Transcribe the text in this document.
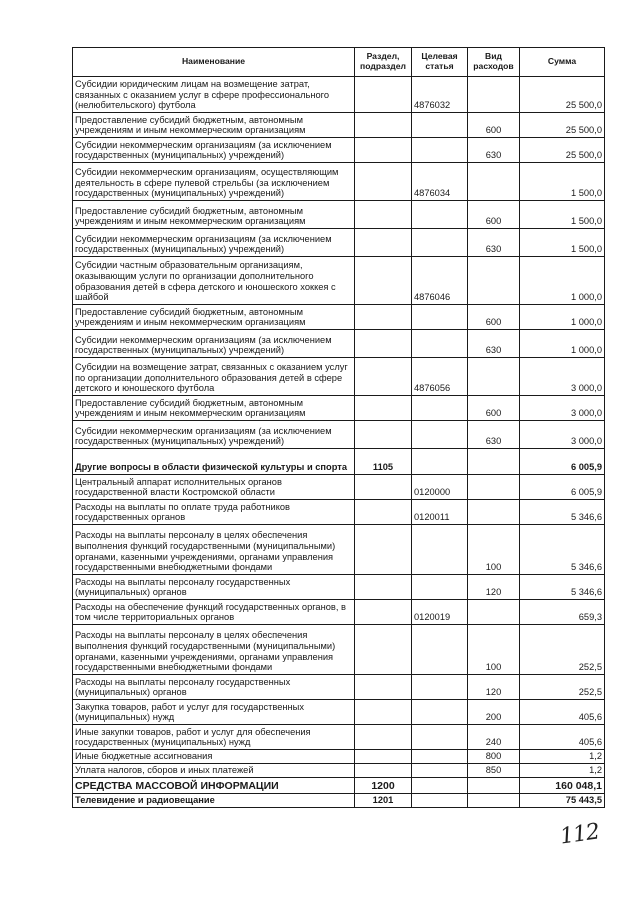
Наименование	Раздел, подраздел	Целевая статья	Вид расходов	Сумма
Субсидии юридическим лицам на возмещение затрат, связанных с оказанием услуг в сфере профессионального (нелюбительского) футбола		4876032		25 500,0
Предоставление субсидий бюджетным, автономным учреждениям и иным некоммерческим организациям			600	25 500,0
Субсидии некоммерческим организациям (за исключением государственных (муниципальных) учреждений)			630	25 500,0
Субсидии некоммерческим организациям, осуществляющим деятельность в сфере пулевой стрельбы (за исключением государственных (муниципальных) учреждений)		4876034		1 500,0
Предоставление субсидий бюджетным, автономным учреждениям и иным некоммерческим организациям			600	1 500,0
Субсидии некоммерческим организациям (за исключением государственных (муниципальных) учреждений)			630	1 500,0
Субсидии частным образовательным организациям, оказывающим услуги по организации дополнительного образования детей в сфера детского и юношеского хоккея с шайбой		4876046		1 000,0
Предоставление субсидий бюджетным, автономным учреждениям и иным некоммерческим организациям			600	1 000,0
Субсидии некоммерческим организациям (за исключением государственных (муниципальных) учреждений)			630	1 000,0
Субсидии на возмещение затрат, связанных с оказанием услуг по организации дополнительного образования детей в сфере детского и юношеского футбола		4876056		3 000,0
Предоставление субсидий бюджетным, автономным учреждениям и иным некоммерческим организациям			600	3 000,0
Субсидии некоммерческим организациям (за исключением государственных (муниципальных) учреждений)			630	3 000,0
Другие вопросы в области физической культуры и спорта	1105			6 005,9
Центральный аппарат исполнительных органов государственной власти Костромской области		0120000		6 005,9
Расходы на выплаты по оплате труда работников государственных органов		0120011		5 346,6
Расходы на выплаты персоналу в целях обеспечения выполнения функций государственными (муниципальными) органами, казенными учреждениями, органами управления государственными внебюджетными фондами			100	5 346,6
Расходы на выплаты персоналу государственных (муниципальных) органов			120	5 346,6
Расходы на обеспечение функций государственных органов, в том числе территориальных органов		0120019		659,3
Расходы на выплаты персоналу в целях обеспечения выполнения функций государственными (муниципальными) органами, казенными учреждениями, органами управления государственными внебюджетными фондами			100	252,5
Расходы на выплаты персоналу государственных (муниципальных) органов			120	252,5
Закупка товаров, работ и услуг для государственных (муниципальных) нужд			200	405,6
Иные закупки товаров, работ и услуг для обеспечения государственных (муниципальных) нужд			240	405,6
Иные бюджетные ассигнования			800	1,2
Уплата налогов, сборов и иных платежей			850	1,2
СРЕДСТВА МАССОВОЙ ИНФОРМАЦИИ	1200			160 048,1
Телевидение и радиовещание	1201			75 443,5
112
